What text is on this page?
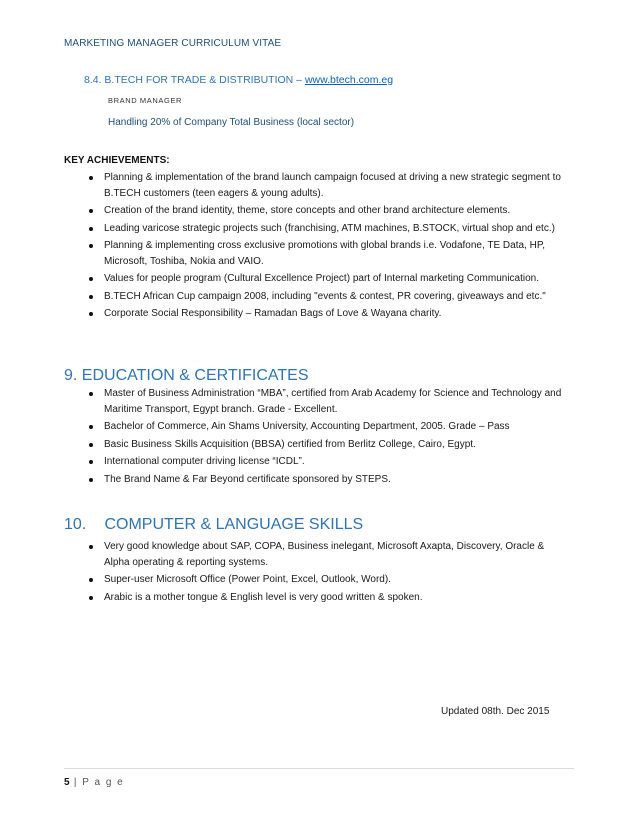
MARKETING MANAGER CURRICULUM VITAE
8.4. B.TECH FOR TRADE & DISTRIBUTION – www.btech.com.eg
BRAND MANAGER
Handling 20% of Company Total Business (local sector)
KEY ACHIEVEMENTS:
Planning & implementation of the brand launch campaign focused at driving a new strategic segment to B.TECH customers (teen eagers & young adults).
Creation of the brand identity, theme, store concepts and other brand architecture elements.
Leading varicose strategic projects such (franchising, ATM machines, B.STOCK, virtual shop and etc.)
Planning & implementing cross exclusive promotions with global brands i.e. Vodafone, TE Data, HP, Microsoft, Toshiba, Nokia and VAIO.
Values for people program (Cultural Excellence Project) part of Internal marketing Communication.
B.TECH African Cup campaign 2008, including "events & contest, PR covering, giveaways and etc."
Corporate Social Responsibility – Ramadan Bags of Love & Wayana charity.
9. EDUCATION & CERTIFICATES
Master of Business Administration “MBA”, certified from Arab Academy for Science and Technology and Maritime Transport, Egypt branch. Grade - Excellent.
Bachelor of Commerce, Ain Shams University, Accounting Department, 2005. Grade – Pass
Basic Business Skills Acquisition (BBSA) certified from Berlitz College, Cairo, Egypt.
International computer driving license “ICDL”.
The Brand Name & Far Beyond certificate sponsored by STEPS.
10. COMPUTER & LANGUAGE SKILLS
Very good knowledge about SAP, COPA, Business inelegant, Microsoft Axapta, Discovery, Oracle & Alpha operating & reporting systems.
Super-user Microsoft Office (Power Point, Excel, Outlook, Word).
Arabic is a mother tongue & English level is very good written & spoken.
Updated 08th. Dec 2015
5 | P a g e
